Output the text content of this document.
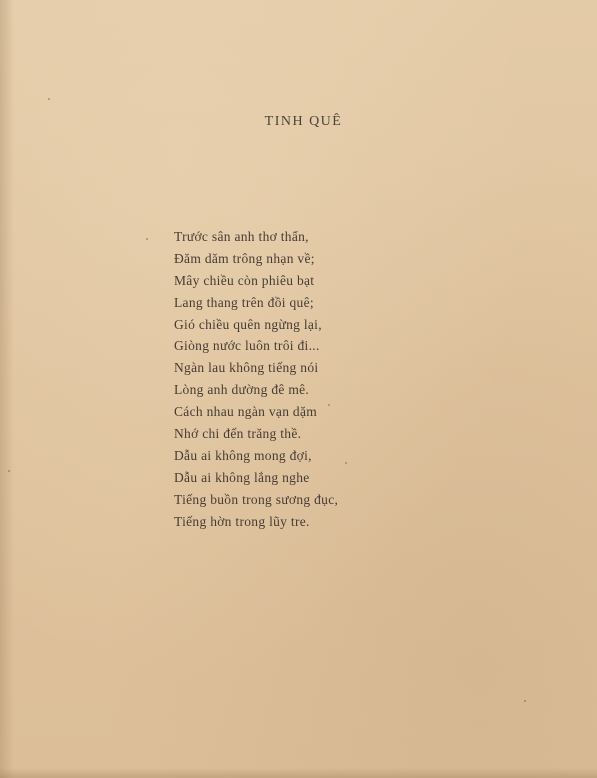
TINH QUÊ
Trước sân anh thơ thẩn,
Đăm dăm trông nhạn về;
Mây chiều còn phiêu bạt
Lang thang trên đồi quê;
Gió chiều quên ngừng lại,
Giòng nước luôn trôi đi...
Ngàn lau không tiếng nói
Lòng anh dường đê mê.
Cách nhau ngàn vạn dặm
Nhớ chi đến trăng thề.
Dẫu ai không mong đợi,
Dẫu ai không lắng nghe
Tiếng buồn trong sương đục,
Tiếng hờn trong lũy tre.
